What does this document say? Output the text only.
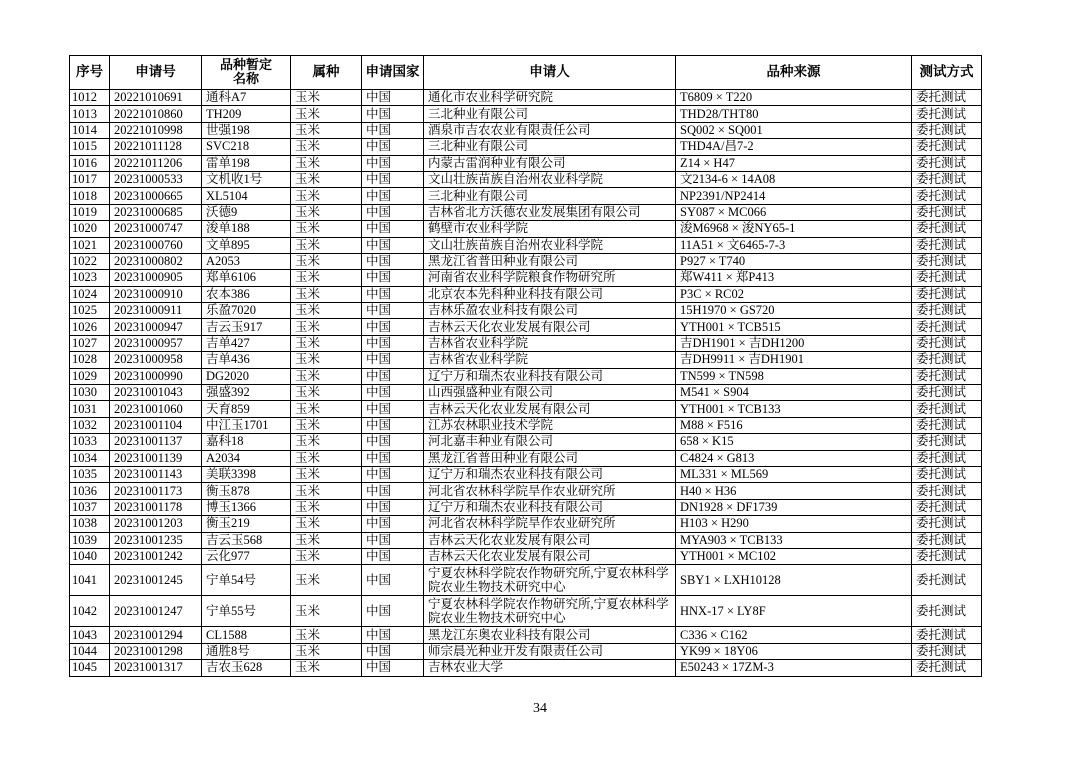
序号	申请号	品种暂定名称	属种	申请国家	申请人	品种来源	测试方式
1012	20221010691	通科A7	玉米	中国	通化市农业科学研究院	T6809 × T220	委托测试
1013	20221010860	TH209	玉米	中国	三北种业有限公司	THD28/THT80	委托测试
1014	20221010998	世强198	玉米	中国	酒泉市吉农农业有限责任公司	SQ002 × SQ001	委托测试
1015	20221011128	SVC218	玉米	中国	三北种业有限公司	THD4A/昌7-2	委托测试
1016	20221011206	雷单198	玉米	中国	内蒙古雷润种业有限公司	Z14 × H47	委托测试
1017	20231000533	文机收1号	玉米	中国	文山壮族苗族自治州农业科学院	文2134-6 × 14A08	委托测试
1018	20231000665	XL5104	玉米	中国	三北种业有限公司	NP2391/NP2414	委托测试
1019	20231000685	沃德9	玉米	中国	吉林省北方沃德农业发展集团有限公司	SY087 × MC066	委托测试
1020	20231000747	浚单188	玉米	中国	鹤壁市农业科学院	浚M6968 × 浚NY65-1	委托测试
1021	20231000760	文单895	玉米	中国	文山壮族苗族自治州农业科学院	11A51 × 文6465-7-3	委托测试
1022	20231000802	A2053	玉米	中国	黑龙江省普田种业有限公司	P927 × T740	委托测试
1023	20231000905	郑单6106	玉米	中国	河南省农业科学院粮食作物研究所	郑W411 × 郑P413	委托测试
1024	20231000910	农本386	玉米	中国	北京农本先科种业科技有限公司	P3C × RC02	委托测试
1025	20231000911	乐盈7020	玉米	中国	吉林乐盈农业科技有限公司	15H1970 × GS720	委托测试
1026	20231000947	吉云玉917	玉米	中国	吉林云天化农业发展有限公司	YTH001 × TCB515	委托测试
1027	20231000957	吉单427	玉米	中国	吉林省农业科学院	吉DH1901 × 吉DH1200	委托测试
1028	20231000958	吉单436	玉米	中国	吉林省农业科学院	吉DH9911 × 吉DH1901	委托测试
1029	20231000990	DG2020	玉米	中国	辽宁万和瑞杰农业科技有限公司	TN599 × TN598	委托测试
1030	20231001043	强盛392	玉米	中国	山西强盛种业有限公司	M541 × S904	委托测试
1031	20231001060	天育859	玉米	中国	吉林云天化农业发展有限公司	YTH001 × TCB133	委托测试
1032	20231001104	中江玉1701	玉米	中国	江苏农林职业技术学院	M88 × F516	委托测试
1033	20231001137	嘉科18	玉米	中国	河北嘉丰种业有限公司	658 × K15	委托测试
1034	20231001139	A2034	玉米	中国	黑龙江省普田种业有限公司	C4824 × G813	委托测试
1035	20231001143	美联3398	玉米	中国	辽宁万和瑞杰农业科技有限公司	ML331 × ML569	委托测试
1036	20231001173	衡玉878	玉米	中国	河北省农林科学院旱作农业研究所	H40 × H36	委托测试
1037	20231001178	博玉1366	玉米	中国	辽宁万和瑞杰农业科技有限公司	DN1928 × DF1739	委托测试
1038	20231001203	衡玉219	玉米	中国	河北省农林科学院旱作农业研究所	H103 × H290	委托测试
1039	20231001235	吉云玉568	玉米	中国	吉林云天化农业发展有限公司	MYA903 × TCB133	委托测试
1040	20231001242	云化977	玉米	中国	吉林云天化农业发展有限公司	YTH001 × MC102	委托测试
1041	20231001245	宁单54号	玉米	中国	宁夏农林科学院农作物研究所,宁夏农林科学院农业生物技术研究中心	SBY1 × LXH10128	委托测试
1042	20231001247	宁单55号	玉米	中国	宁夏农林科学院农作物研究所,宁夏农林科学院农业生物技术研究中心	HNX-17 × LY8F	委托测试
1043	20231001294	CL1588	玉米	中国	黑龙江东奥农业科技有限公司	C336 × C162	委托测试
1044	20231001298	通胜8号	玉米	中国	师宗晨光种业开发有限责任公司	YK99 × 18Y06	委托测试
1045	20231001317	吉农玉628	玉米	中国	吉林农业大学	E50243 × 17ZM-3	委托测试
34
